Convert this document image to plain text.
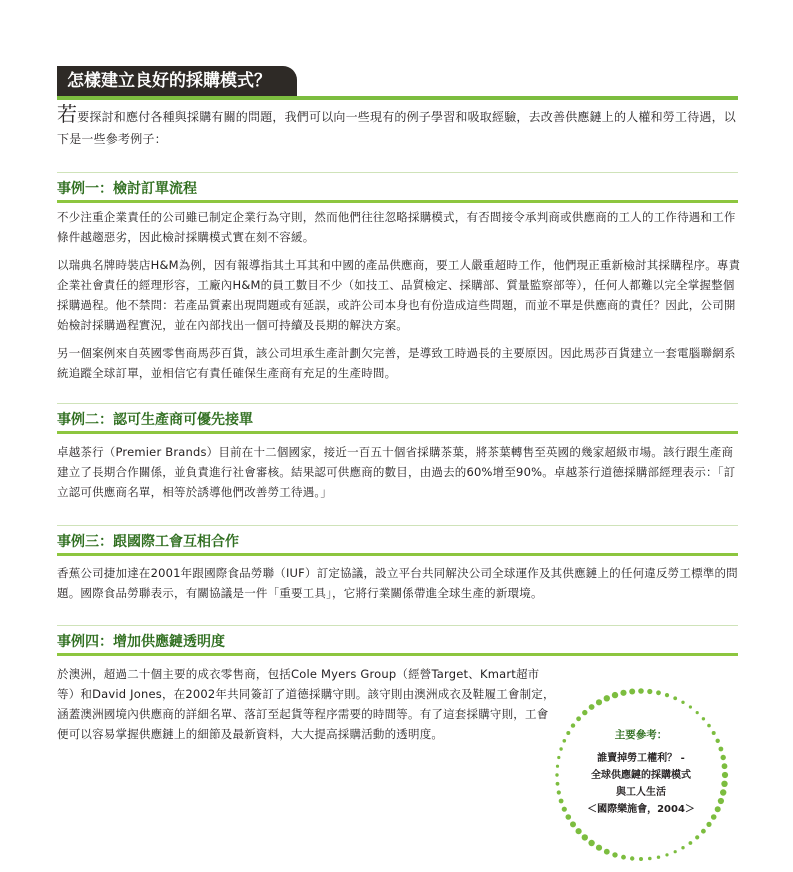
怎樣建立良好的採購模式？

若要探討和應付各種與採購有關的問題，我們可以向一些現有的例子學習和吸取經驗，去改善供應鏈上的人權和勞工待遇，以下是一些參考例子：

事例一：檢討訂單流程

不少注重企業責任的公司雖已制定企業行為守則，然而他們往往忽略採購模式，有否間接令承判商或供應商的工人的工作待遇和工作條件越趨惡劣，因此檢討採購模式實在刻不容緩。

以瑞典名牌時裝店H&M為例，因有報導指其土耳其和中國的產品供應商，要工人嚴重超時工作，他們現正重新檢討其採購程序。專責企業社會責任的經理形容，工廠內H&M的員工數目不少（如技工、品質檢定、採購部、質量監察部等），任何人都難以完全掌握整個採購過程。他不禁問：若產品質素出現問題或有延誤，或許公司本身也有份造成這些問題，而並不單是供應商的責任？因此，公司開始檢討採購過程實況，並在內部找出一個可持續及長期的解決方案。

另一個案例來自英國零售商馬莎百貨，該公司坦承生產計劃欠完善，是導致工時過長的主要原因。因此馬莎百貨建立一套電腦聯網系統追蹤全球訂單，並相信它有責任確保生產商有充足的生產時間。

事例二：認可生產商可優先接單

卓越茶行（Premier Brands）目前在十二個國家，接近一百五十個省採購茶葉，將茶葉轉售至英國的幾家超級市場。該行跟生產商建立了長期合作關係，並負責進行社會審核。結果認可供應商的數目，由過去的60%增至90%。卓越茶行道德採購部經理表示：「訂立認可供應商名單，相等於誘導他們改善勞工待遇。」

事例三：跟國際工會互相合作

香蕉公司捷加達在2001年跟國際食品勞聯（IUF）訂定協議，設立平台共同解決公司全球運作及其供應鏈上的任何違反勞工標準的問題。國際食品勞聯表示，有關協議是一件「重要工具」，它將行業關係帶進全球生產的新環境。

事例四：增加供應鏈透明度

於澳洲，超過二十個主要的成衣零售商，包括Cole Myers Group（經營Target、Kmart超市等）和David Jones，在2002年共同簽訂了道德採購守則。該守則由澳洲成衣及鞋履工會制定，涵蓋澳洲國境內供應商的詳細名單、落訂至起貨等程序需要的時間等。有了這套採購守則，工會便可以容易掌握供應鏈上的細節及最新資料，大大提高採購活動的透明度。	主要參考：
誰賣掉勞工權利？ -
全球供應鏈的採購模式
與工人生活
＜國際樂施會，2004＞
